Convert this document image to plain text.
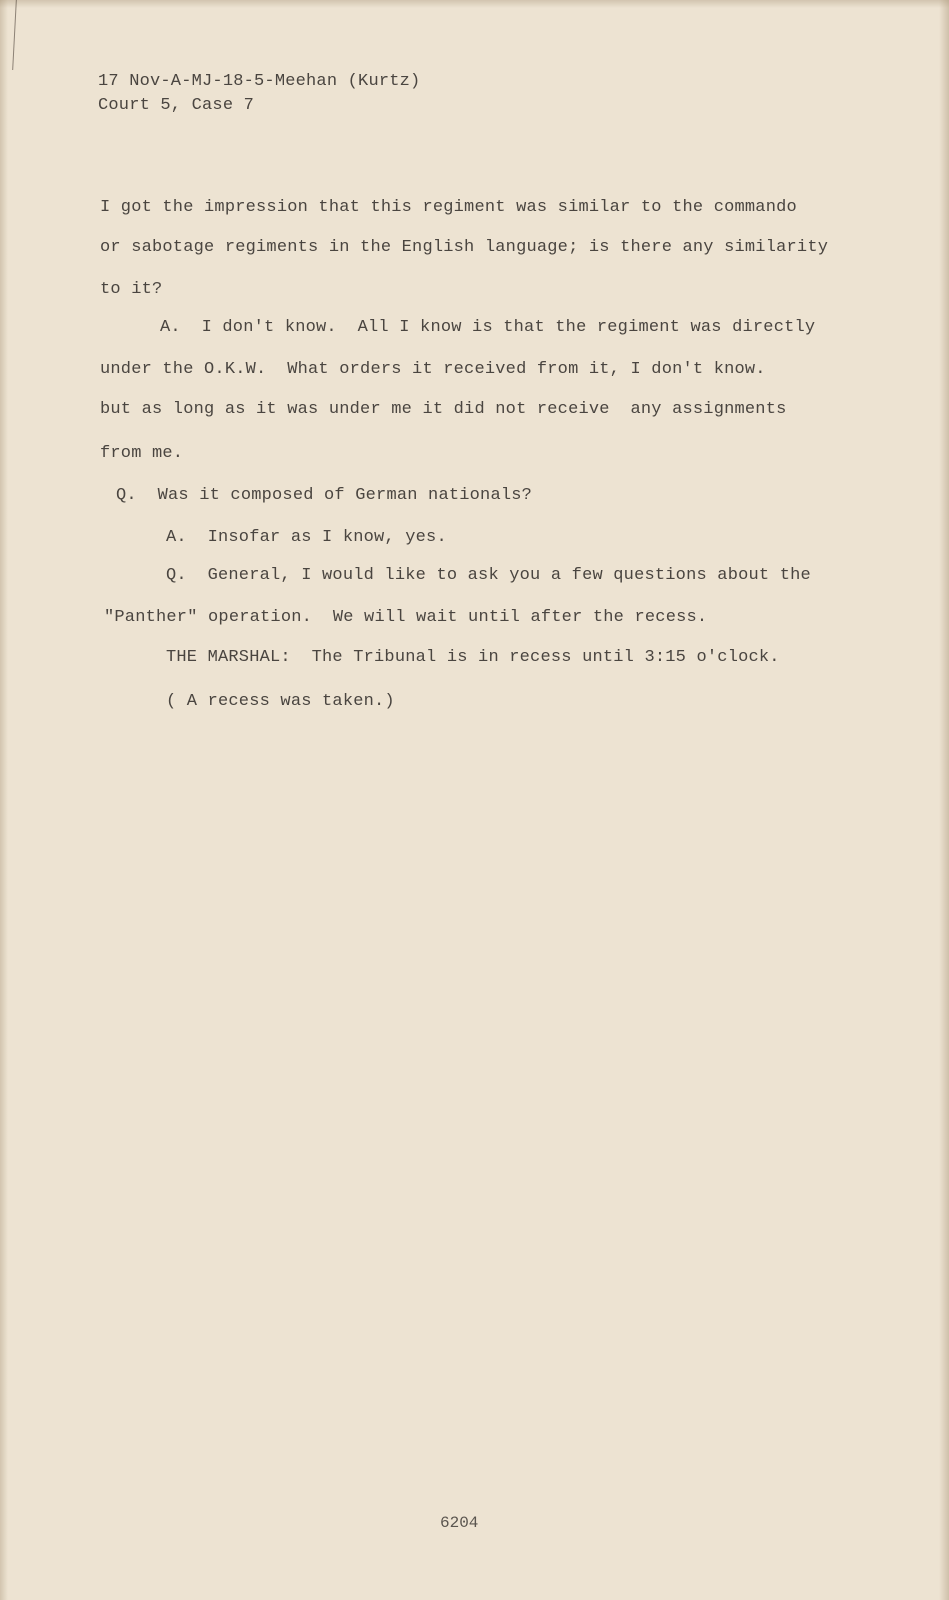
17 Nov-A-MJ-18-5-Meehan (Kurtz)

Court 5, Case 7

I got the impression that this regiment was similar to the commando

or sabotage regiments in the English language; is there any similarity

to it?

A.  I don't know.  All I know is that the regiment was directly

under the O.K.W.  What orders it received from it, I don't know.

but as long as it was under me it did not receive  any assignments

from me.

Q.  Was it composed of German nationals?

A.  Insofar as I know, yes.

Q.  General, I would like to ask you a few questions about the

"Panther" operation.  We will wait until after the recess.

THE MARSHAL:  The Tribunal is in recess until 3:15 o'clock.

( A recess was taken.)

6204
